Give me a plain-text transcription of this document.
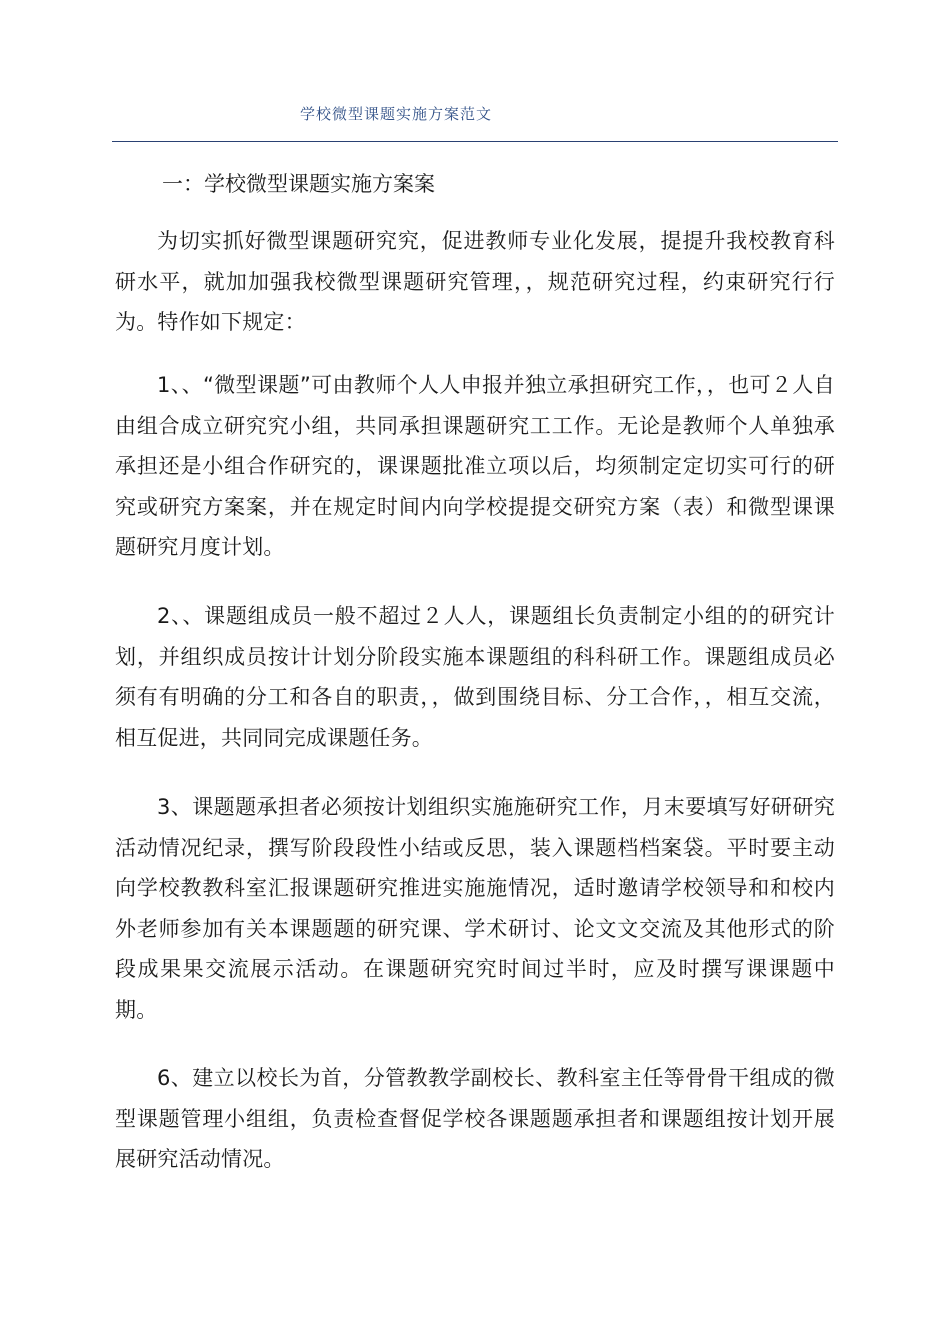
学校微型课题实施方案范文
一：学校微型课题实施方案案

为切实抓好微型课题研究究，促进教师专业化发展，提提升我校教育科研水平，就加加强我校微型课题研究管理，，规范研究过程，约束研究行行为。特作如下规定：

1、、“微型课题”可由教师个人人申报并独立承担研究工作，，也可２人自由组合成立研究究小组，共同承担课题研究工工作。无论是教师个人单独承承担还是小组合作研究的，课课题批准立项以后，均须制定定切实可行的研究或研究方案案，并在规定时间内向学校提提交研究方案（表）和微型课课题研究月度计划。

2、、课题组成员一般不超过２人人，课题组长负责制定小组的的研究计划，并组织成员按计计划分阶段实施本课题组的科科研工作。课题组成员必须有有明确的分工和各自的职责，，做到围绕目标、分工合作，，相互交流，相互促进，共同同完成课题任务。

3、课题题承担者必须按计划组织实施施研究工作，月末要填写好研研究活动情况纪录，撰写阶段段性小结或反思，装入课题档档案袋。平时要主动向学校教教科室汇报课题研究推进实施施情况，适时邀请学校领导和和校内外老师参加有关本课题题的研究课、学术研讨、论文文交流及其他形式的阶段成果果交流展示活动。在课题研究究时间过半时，应及时撰写课课题中期。

6、建立以校长为首，分管教教学副校长、教科室主任等骨骨干组成的微型课题管理小组组，负责检查督促学校各课题题承担者和课题组按计划开展展研究活动情况。
